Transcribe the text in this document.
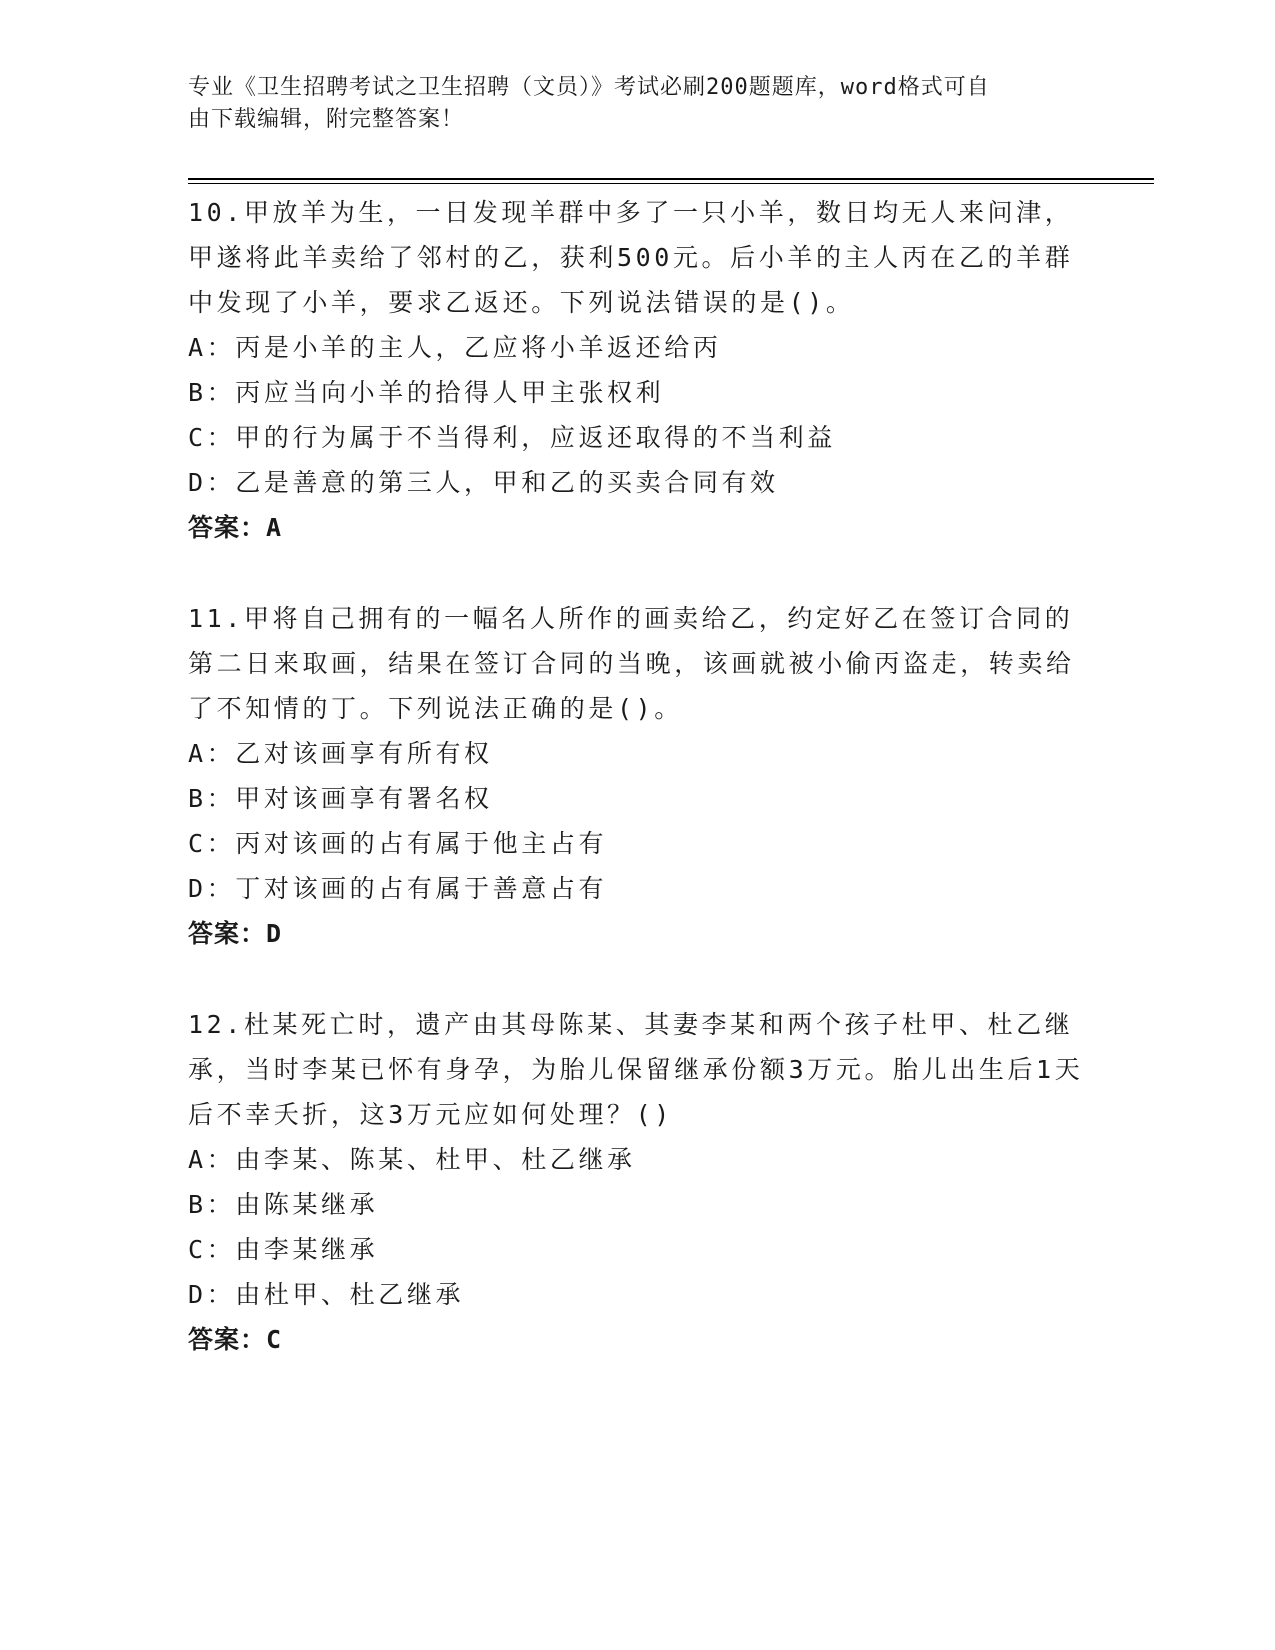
专业《卫生招聘考试之卫生招聘（文员）》考试必刷200题题库，word格式可自
由下载编辑，附完整答案！

10.甲放羊为生，一日发现羊群中多了一只小羊，数日均无人来问津，甲遂将此羊卖给了邻村的乙，获利500元。后小羊的主人丙在乙的羊群中发现了小羊，要求乙返还。下列说法错误的是()。

A：丙是小羊的主人，乙应将小羊返还给丙

B：丙应当向小羊的拾得人甲主张权利

C：甲的行为属于不当得利，应返还取得的不当利益

D：乙是善意的第三人，甲和乙的买卖合同有效

答案：A

11.甲将自己拥有的一幅名人所作的画卖给乙，约定好乙在签订合同的第二日来取画，结果在签订合同的当晚，该画就被小偷丙盗走，转卖给了不知情的丁。下列说法正确的是()。

A：乙对该画享有所有权

B：甲对该画享有署名权

C：丙对该画的占有属于他主占有

D：丁对该画的占有属于善意占有

答案：D

12.杜某死亡时，遗产由其母陈某、其妻李某和两个孩子杜甲、杜乙继承，当时李某已怀有身孕，为胎儿保留继承份额3万元。胎儿出生后1天后不幸夭折，这3万元应如何处理？()

A：由李某、陈某、杜甲、杜乙继承

B：由陈某继承

C：由李某继承

D：由杜甲、杜乙继承

答案：C
